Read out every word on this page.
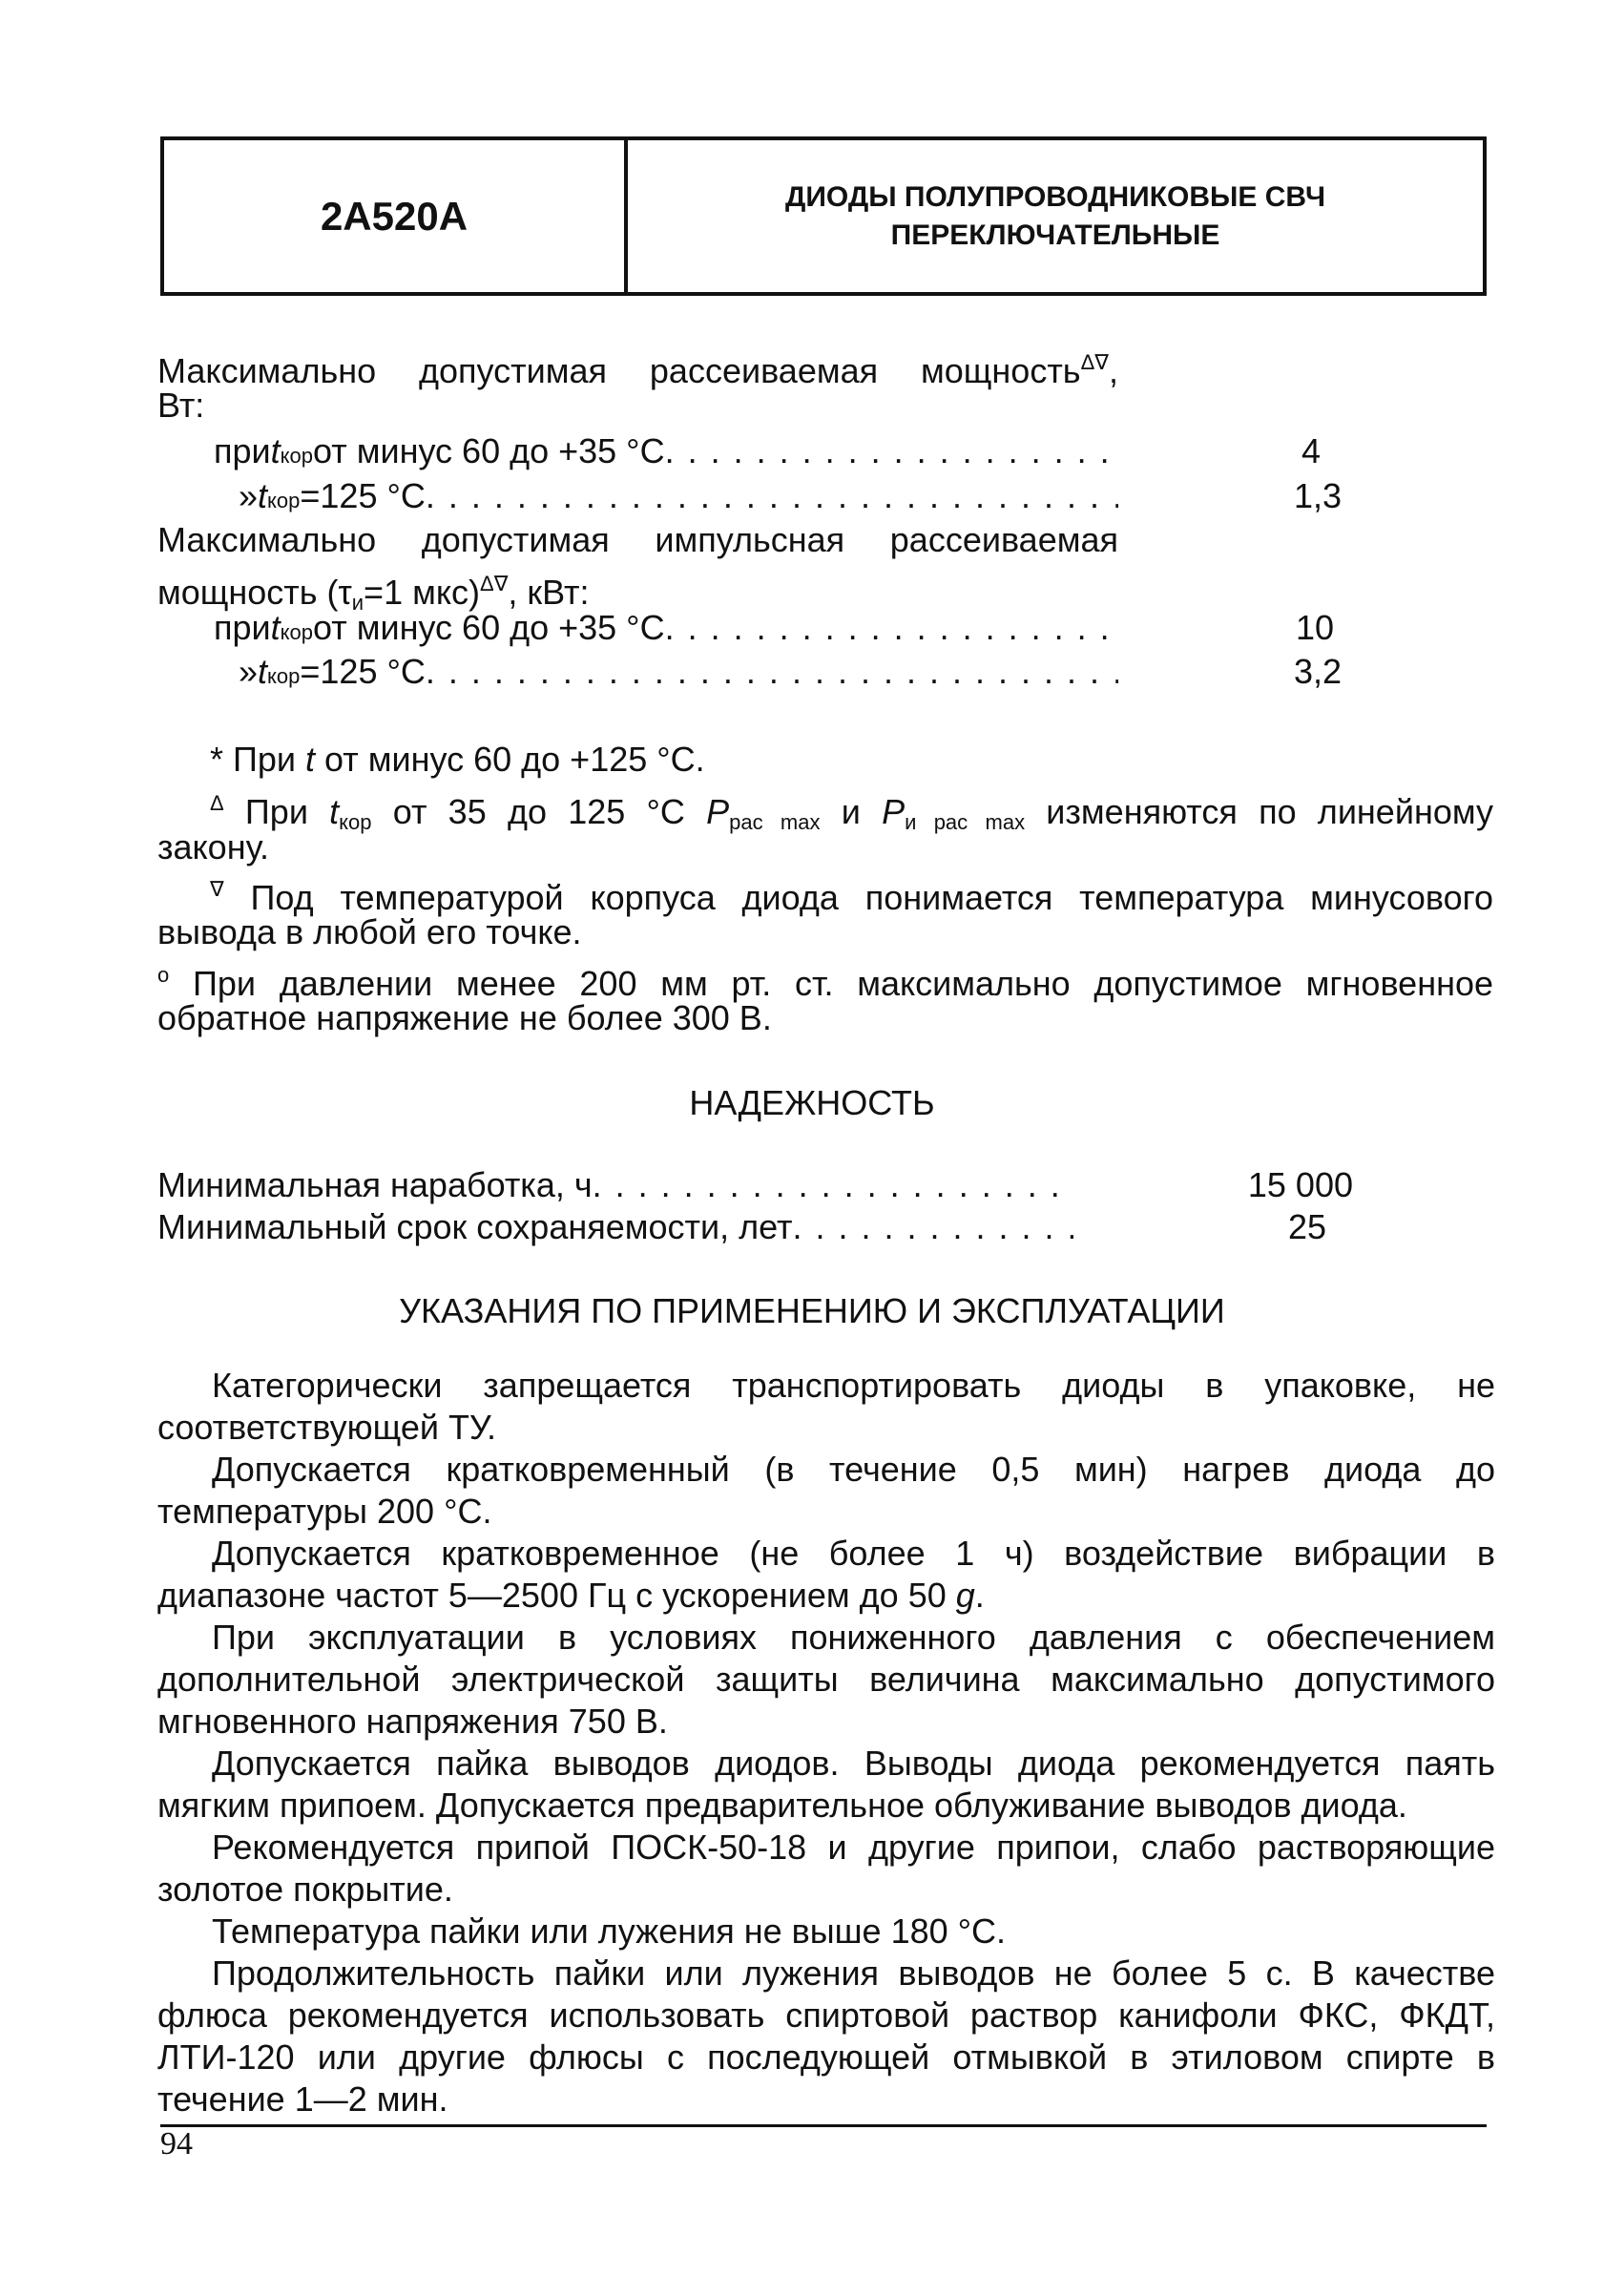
2А520А	ДИОДЫ ПОЛУПРОВОДНИКОВЫЕ СВЧ
ПЕРЕКЛЮЧАТЕЛЬНЫЕ
Максимально допустимая рассеиваемая мощность$^{\Delta\nabla}$,
Вт:
при t кор от минус 60 до +35 °С . . .	4
» t кор =125 °С . . .	1,3
Максимально допустимая импульсная рассеиваемая
мощность ($\tau_и=1$ мкс)$^{\Delta\nabla}$, кВт:
при t кор от минус 60 до +35 °С . . .	10
» t кор =125 °С . . .	3,2
* При t от минус 60 до +125 °С.
$^\Delta$ При $t_{кор}$ от 35 до 125 °С $P_{рас max}$ и $P_{и рас max}$ изменяются по линейному
закону.
∇ Под температурой корпуса диода понимается температура минусового
вывода в любой его точке.
$^o$ При давлении менее 200 мм рт. ст. максимально допустимое мгновенное
обратное напряжение не более 300 В.
НАДЕЖНОСТЬ
Минимальная наработка, ч . . .	15 000
Минимальный срок сохраняемости, лет . . .	25
УКАЗАНИЯ ПО ПРИМЕНЕНИЮ И ЭКСПЛУАТАЦИИ
Категорически запрещается транспортировать диоды в упаковке, не
соответствующей ТУ.
Допускается кратковременный (в течение 0,5 мин) нагрев диода до
температуры 200 °С.
Допускается кратковременное (не более 1 ч) воздействие вибрации в
диапазоне частот 5—2500 Гц с ускорением до 50 g.
При эксплуатации в условиях пониженного давления с обеспечением
дополнительной электрической защиты величина максимально допустимого
мгновенного напряжения 750 В.
Допускается пайка выводов диодов. Выводы диода рекомендуется паять
мягким припоем. Допускается предварительное облуживание выводов диода.
Рекомендуется припой ПОСК-50-18 и другие припои, слабо растворяющие
золотое покрытие.
Температура пайки или лужения не выше 180 °С.
Продолжительность пайки или лужения выводов не более 5 с. В качестве
флюса рекомендуется использовать спиртовой раствор канифоли ФКС, ФКДТ,
ЛТИ-120 или другие флюсы с последующей отмывкой в этиловом спирте в
течение 1—2 мин.
94
